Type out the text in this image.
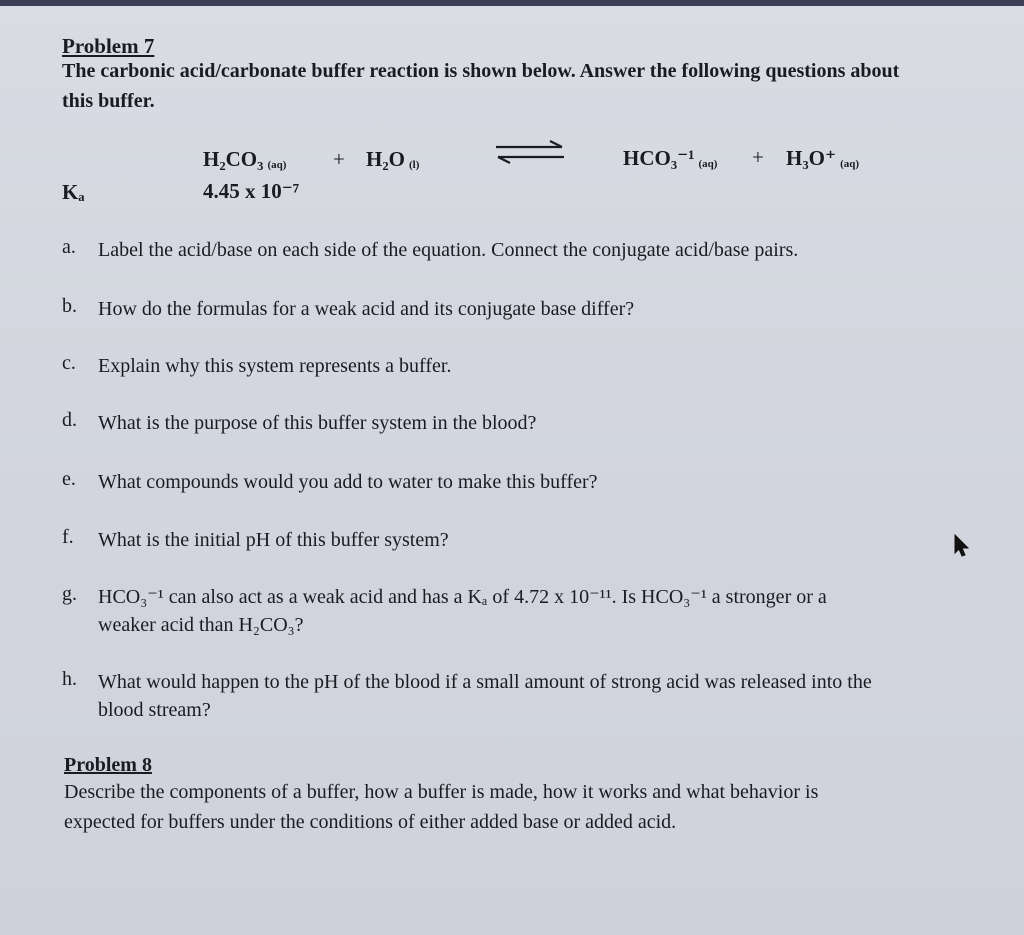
Problem 7
The carbonic acid/carbonate buffer reaction is shown below. Answer the following questions about
this buffer.
H₂CO₃ (aq) + H₂O (l)	HCO₃⁻¹ (aq) + H₃O⁺ (aq)
Kₐ	4.45 x 10⁻⁷
a. Label the acid/base on each side of the equation. Connect the conjugate acid/base pairs.
b. How do the formulas for a weak acid and its conjugate base differ?
c. Explain why this system represents a buffer.
d. What is the purpose of this buffer system in the blood?
e. What compounds would you add to water to make this buffer?
f. What is the initial pH of this buffer system?
g. HCO₃⁻¹ can also act as a weak acid and has a Kₐ of 4.72 x 10⁻¹¹. Is HCO₃⁻¹ a stronger or a
weaker acid than H₂CO₃?
h. What would happen to the pH of the blood if a small amount of strong acid was released into the
blood stream?
Problem 8
Describe the components of a buffer, how a buffer is made, how it works and what behavior is
expected for buffers under the conditions of either added base or added acid.
